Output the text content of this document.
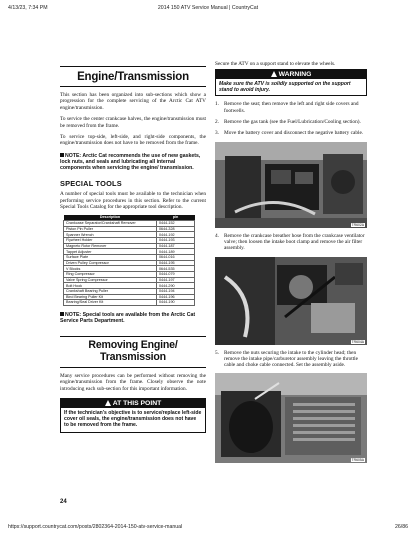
4/13/23, 7:34 PM	2014 150 ATV Service Manual | CountryCat
Engine/Transmission

This section has been organized into sub-sections which show a progression for the complete servicing of the Arctic Cat ATV engine/transmission.

To service the center crankcase halves, the engine/transmission must be removed from the frame.

To service top-side, left-side, and right-side components, the engine/transmission does not have to be removed from the frame.

NOTE: Arctic Cat recommends the use of new gaskets, lock nuts, and seals and lubricating all internal components when servicing the engine/ transmission.

SPECIAL TOOLS

A number of special tools must be available to the technician when performing service procedures in this section. Refer to the current Special Tools Catalog for the appropriate tool description.

Description	p/n
Crankcase Separator/Crankshaft Remover	0444-152
Piston Pin Puller	0644-328
Spanner Wrench	0444-192
Flywheel Holder	0444-193
Magneto Rotor Remover	0444-187
Tappet Adjuster	0444-189
Surface Plate	0644-016
Driven Pulley Compressor	0444-195
V Blocks	0644-535
Ring Compressor	0444-079
Valve Spring Compressor	0444-197
Bolt Hook	0444-290
Crankshaft Bearing Puller	0444-194
Bind Bearing Puller Kit	0444-196
Bearing/Seal Driver Kit	0444-190

NOTE: Special tools are available from the Arctic Cat Service Parts Department.

Removing Engine/
Transmission

Many service procedures can be performed without removing the engine/transmission from the frame. Closely observe the note introducing each sub-section for this important information.

AT THIS POINT
If the technician's objective is to service/replace left-side cover oil seals, the engine/transmission does not have to be removed from the frame.
24

Secure the ATV on a support stand to elevate the wheels.

WARNING
Make sure the ATV is solidly supported on the support stand to avoid injury.
1. Remove the seat; then remove the left and right side covers and footwells.
2. Remove the gas tank (see the Fuel/Lubrication/Cooling section).
3. Move the battery cover and disconnect the negative battery cable.
TR602A
4. Remove the crankcase breather hose from the crankcase ventilator valve; then loosen the intake boot clamp and remove the air filter assembly.
TR604A
5. Remove the nuts securing the intake to the cylinder head; then remove the intake pipe/carburetor assembly leaving the throttle cable and choke cable connected. Set the assembly aside.
TR605A
https://support.countrycat.com/posts/2802364-2014-150-atv-service-manual	26/86
